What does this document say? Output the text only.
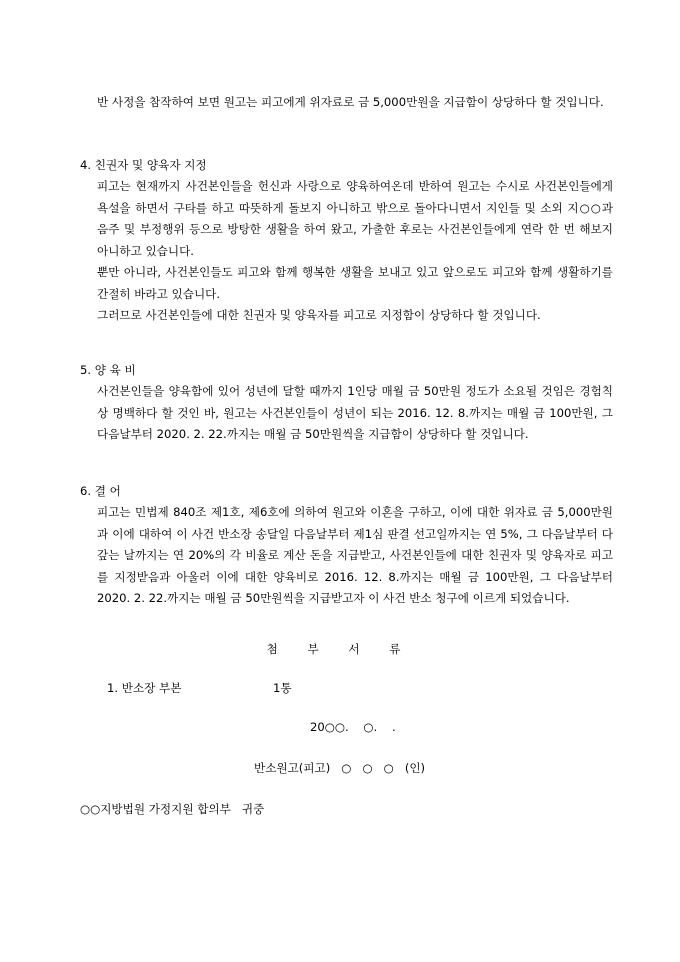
반 사정을 참작하여 보면 원고는 피고에게 위자료로 금 5,000만원을 지급함이 상당하다 할 것입니다.

4. 친권자 및 양육자 지정

피고는 현재까지 사건본인들을 헌신과 사랑으로 양육하여온데 반하여 원고는 수시로 사건본인들에게 욕설을 하면서 구타를 하고 따뜻하게 돌보지 아니하고 밖으로 돌아다니면서 지인들 및 소외 지○○과 음주 및 부정행위 등으로 방탕한 생활을 하여 왔고, 가출한 후로는 사건본인들에게 연락 한 번 해보지 아니하고 있습니다.

뿐만 아니라, 사건본인들도 피고와 함께 행복한 생활을 보내고 있고 앞으로도 피고와 함께 생활하기를 간절히 바라고 있습니다.

그러므로 사건본인들에 대한 친권자 및 양육자를 피고로 지정함이 상당하다 할 것입니다.

5. 양 육 비

사건본인들을 양육함에 있어 성년에 달할 때까지 1인당 매월 금 50만원 정도가 소요될 것임은 경험칙상 명백하다 할 것인 바, 원고는 사건본인들이 성년이 되는 2016. 12. 8.까지는 매월 금 100만원, 그 다음날부터 2020. 2. 22.까지는 매월 금 50만원씩을 지급함이 상당하다 할 것입니다.

6. 결 어

피고는 민법제 840조 제1호, 제6호에 의하여 원고와 이혼을 구하고, 이에 대한 위자료 금 5,000만원과 이에 대하여 이 사건 반소장 송달일 다음날부터 제1심 판결 선고일까지는 연 5%, 그 다음날부터 다 갚는 날까지는 연 20%의 각 비율로 계산 돈을 지급받고, 사건본인들에 대한 친권자 및 양육자로 피고를 지정받음과 아울러 이에 대한 양육비로 2016. 12. 8.까지는 매월 금 100만원, 그 다음날부터 2020. 2. 22.까지는 매월 금 50만원씩을 지급받고자 이 사건 반소 청구에 이르게 되었습니다.

첨 부 서 류

1. 반소장 부본	1통

20○○.    ○.    .

반소원고(피고)   ○   ○   ○   (인)

○○지방법원 가정지원 합의부   귀중
